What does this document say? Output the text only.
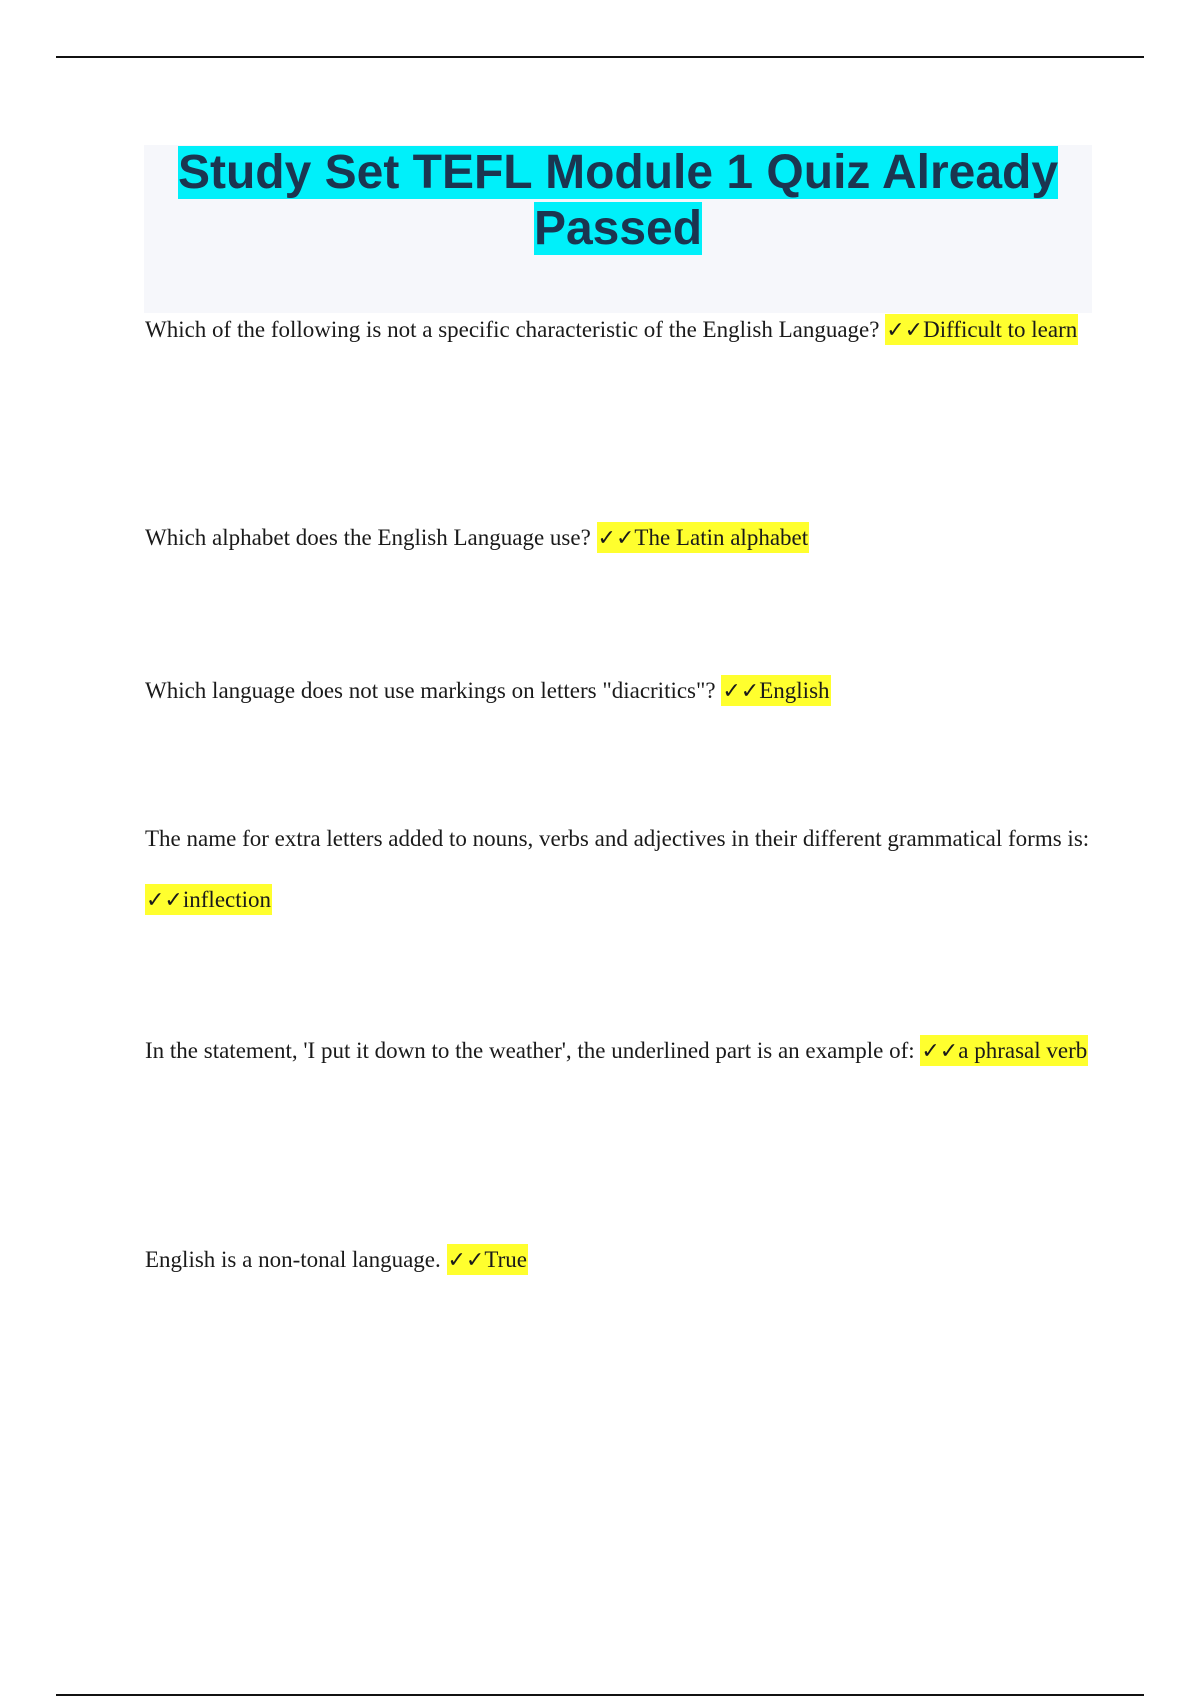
Study Set TEFL Module 1 Quiz Already Passed

Which of the following is not a specific characteristic of the English Language? ✓✓Difficult to learn

Which alphabet does the English Language use? ✓✓The Latin alphabet

Which language does not use markings on letters "diacritics"? ✓✓English

The name for extra letters added to nouns, verbs and adjectives in their different grammatical forms is: ✓✓inflection

In the statement, 'I put it down to the weather', the underlined part is an example of: ✓✓a phrasal verb

English is a non-tonal language. ✓✓True
